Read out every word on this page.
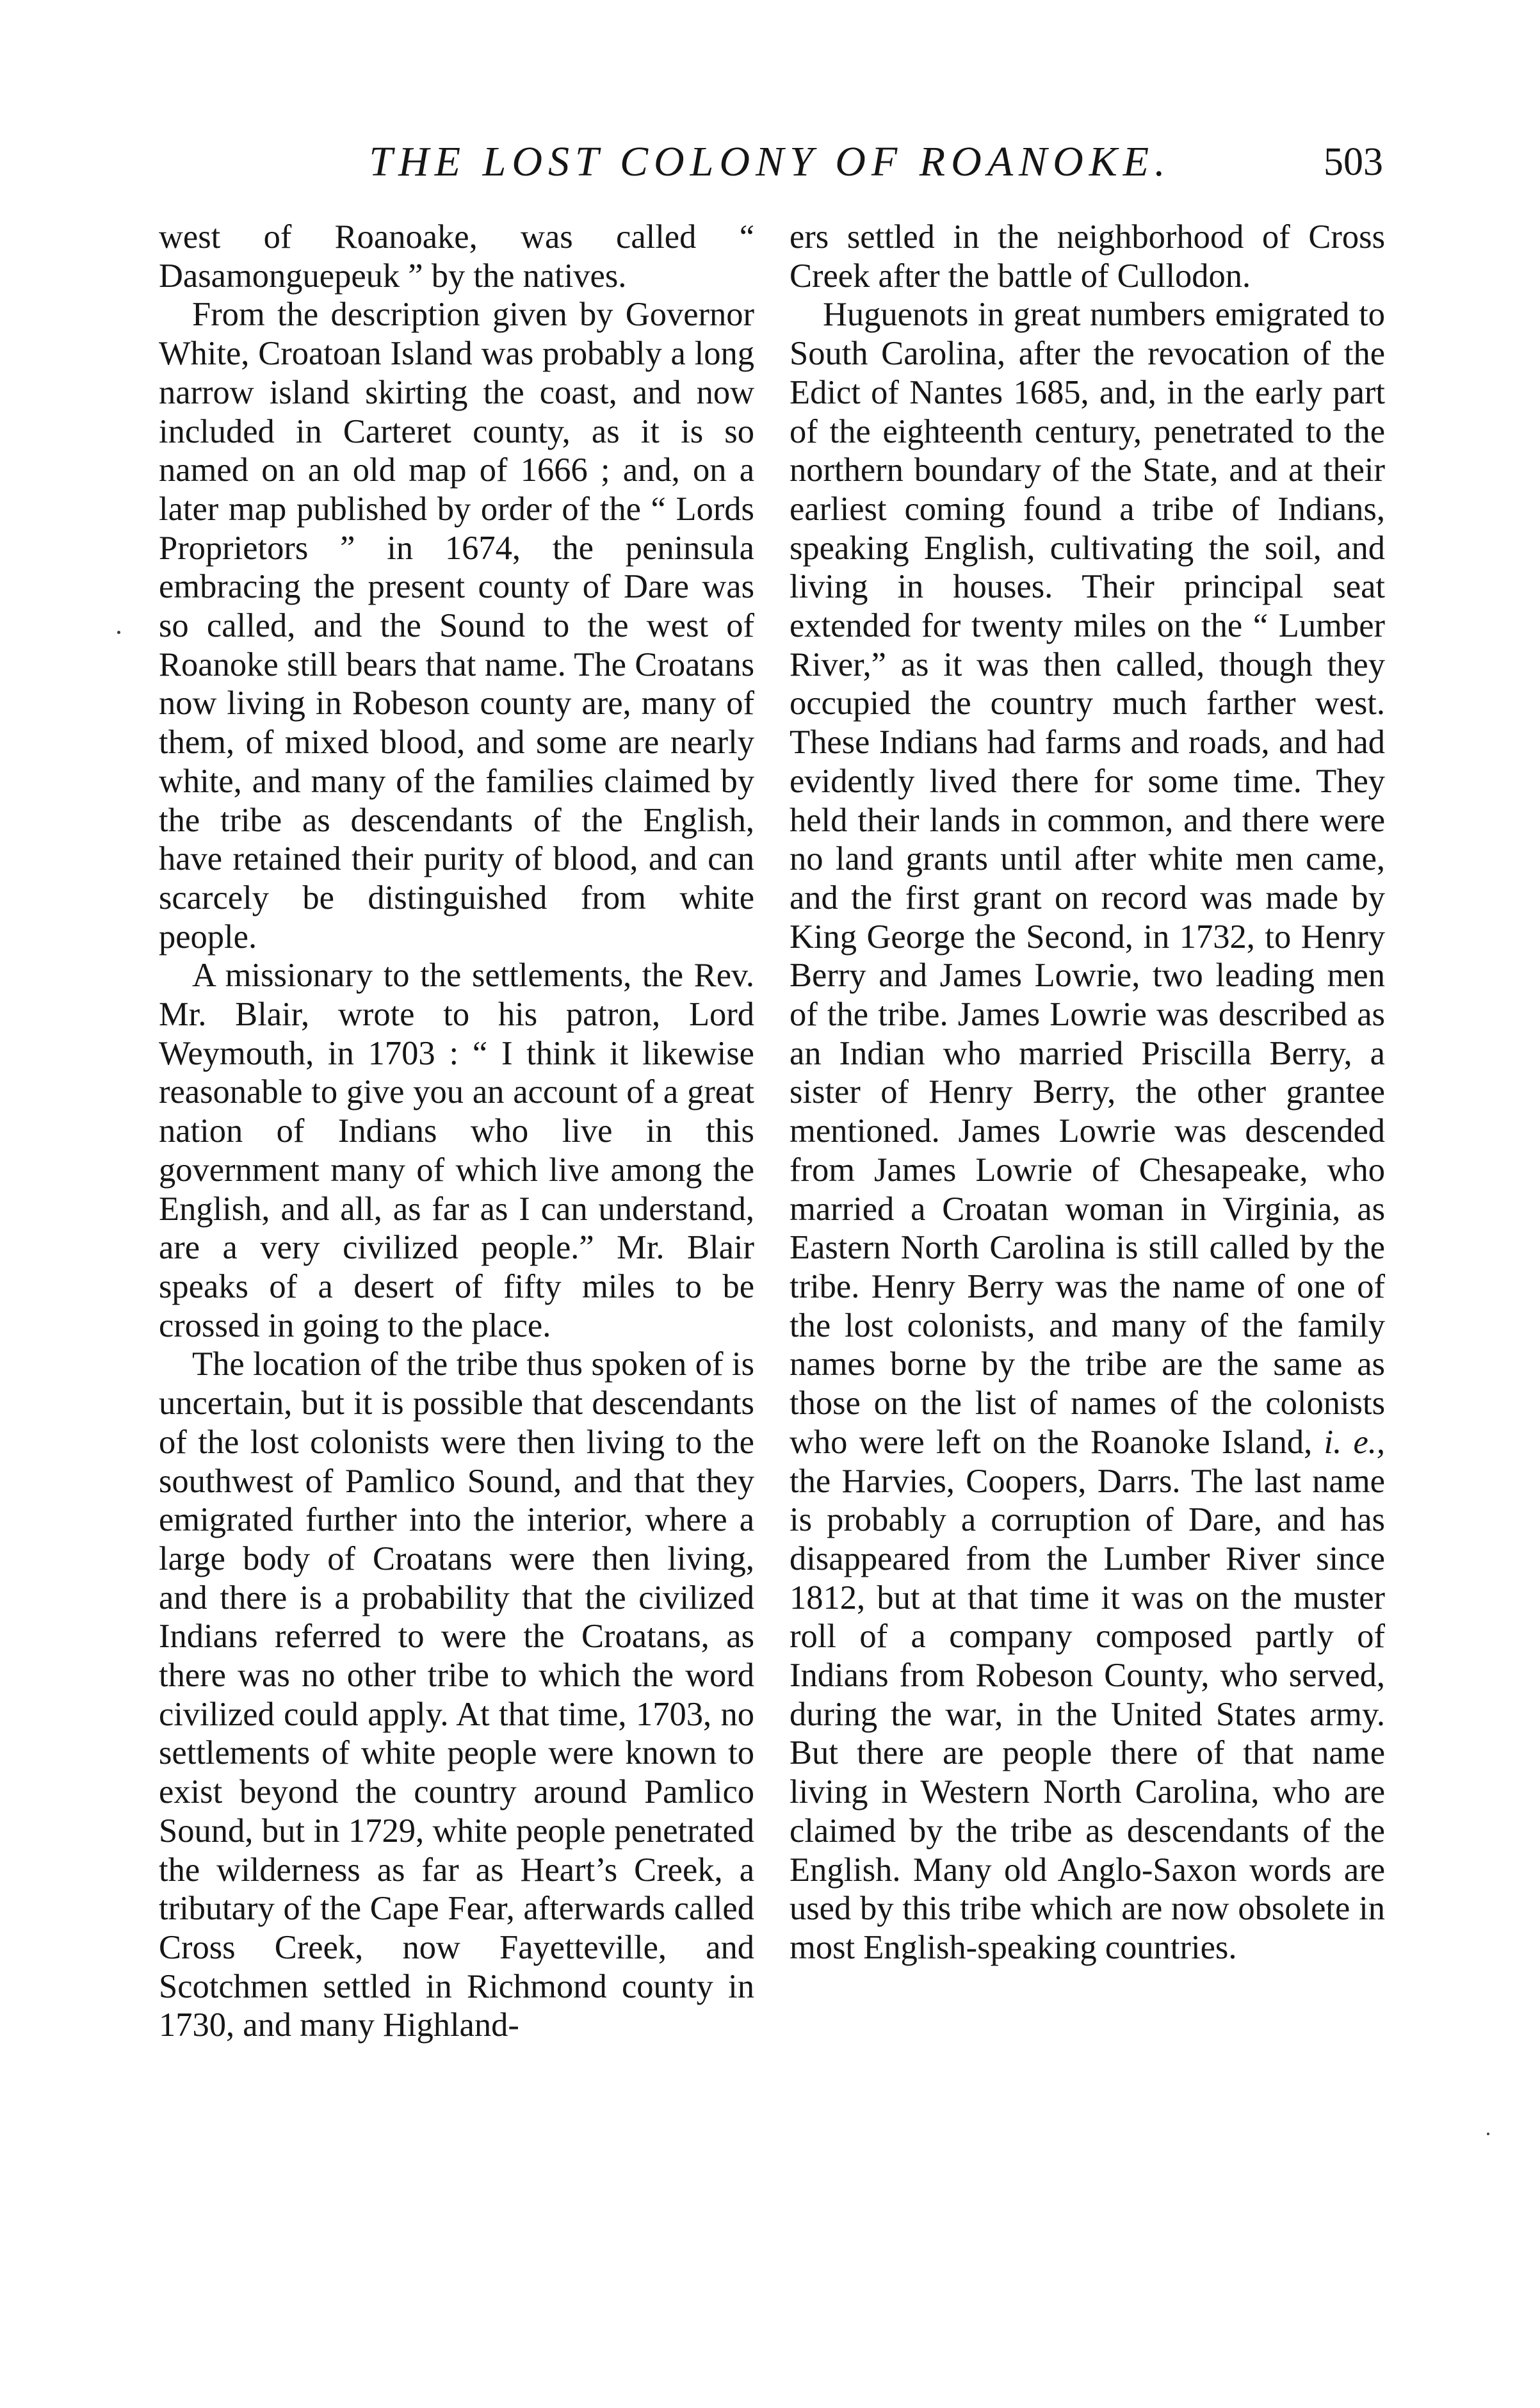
THE LOST COLONY OF ROANOKE.	503

west of Roanoake, was called “ Dasamonguepeuk ” by the natives.

From the description given by Governor White, Croatoan Island was probably a long narrow island skirting the coast, and now included in Carteret county, as it is so named on an old map of 1666 ; and, on a later map published by order of the “ Lords Proprietors ” in 1674, the peninsula embracing the present county of Dare was so called, and the Sound to the west of Roanoke still bears that name. The Croatans now living in Robeson county are, many of them, of mixed blood, and some are nearly white, and many of the families claimed by the tribe as descendants of the English, have retained their purity of blood, and can scarcely be distinguished from white people.

A missionary to the settlements, the Rev. Mr. Blair, wrote to his patron, Lord Weymouth, in 1703 : “ I think it likewise reasonable to give you an account of a great nation of Indians who live in this government many of which live among the English, and all, as far as I can understand, are a very civilized people.” Mr. Blair speaks of a desert of fifty miles to be crossed in going to the place.

The location of the tribe thus spoken of is uncertain, but it is possible that descendants of the lost colonists were then living to the southwest of Pamlico Sound, and that they emigrated further into the interior, where a large body of Croatans were then living, and there is a probability that the civilized Indians referred to were the Croatans, as there was no other tribe to which the word civilized could apply. At that time, 1703, no settlements of white people were known to exist beyond the country around Pamlico Sound, but in 1729, white people penetrated the wilderness as far as Heart’s Creek, a tributary of the Cape Fear, afterwards called Cross Creek, now Fayetteville, and Scotchmen settled in Richmond county in 1730, and many Highland-

ers settled in the neighborhood of Cross Creek after the battle of Cullodon.

Huguenots in great numbers emigrated to South Carolina, after the revocation of the Edict of Nantes 1685, and, in the early part of the eighteenth century, penetrated to the northern boundary of the State, and at their earliest coming found a tribe of Indians, speaking English, cultivating the soil, and living in houses. Their principal seat extended for twenty miles on the “ Lumber River,” as it was then called, though they occupied the country much farther west. These Indians had farms and roads, and had evidently lived there for some time. They held their lands in common, and there were no land grants until after white men came, and the first grant on record was made by King George the Second, in 1732, to Henry Berry and James Lowrie, two leading men of the tribe. James Lowrie was described as an Indian who married Priscilla Berry, a sister of Henry Berry, the other grantee mentioned. James Lowrie was descended from James Lowrie of Chesapeake, who married a Croatan woman in Virginia, as Eastern North Carolina is still called by the tribe. Henry Berry was the name of one of the lost colonists, and many of the family names borne by the tribe are the same as those on the list of names of the colonists who were left on the Roanoke Island, i. e., the Harvies, Coopers, Darrs. The last name is probably a corruption of Dare, and has disappeared from the Lumber River since 1812, but at that time it was on the muster roll of a company composed partly of Indians from Robeson County, who served, during the war, in the United States army. But there are people there of that name living in Western North Carolina, who are claimed by the tribe as descendants of the English. Many old Anglo-Saxon words are used by this tribe which are now obsolete in most English-speaking countries.
